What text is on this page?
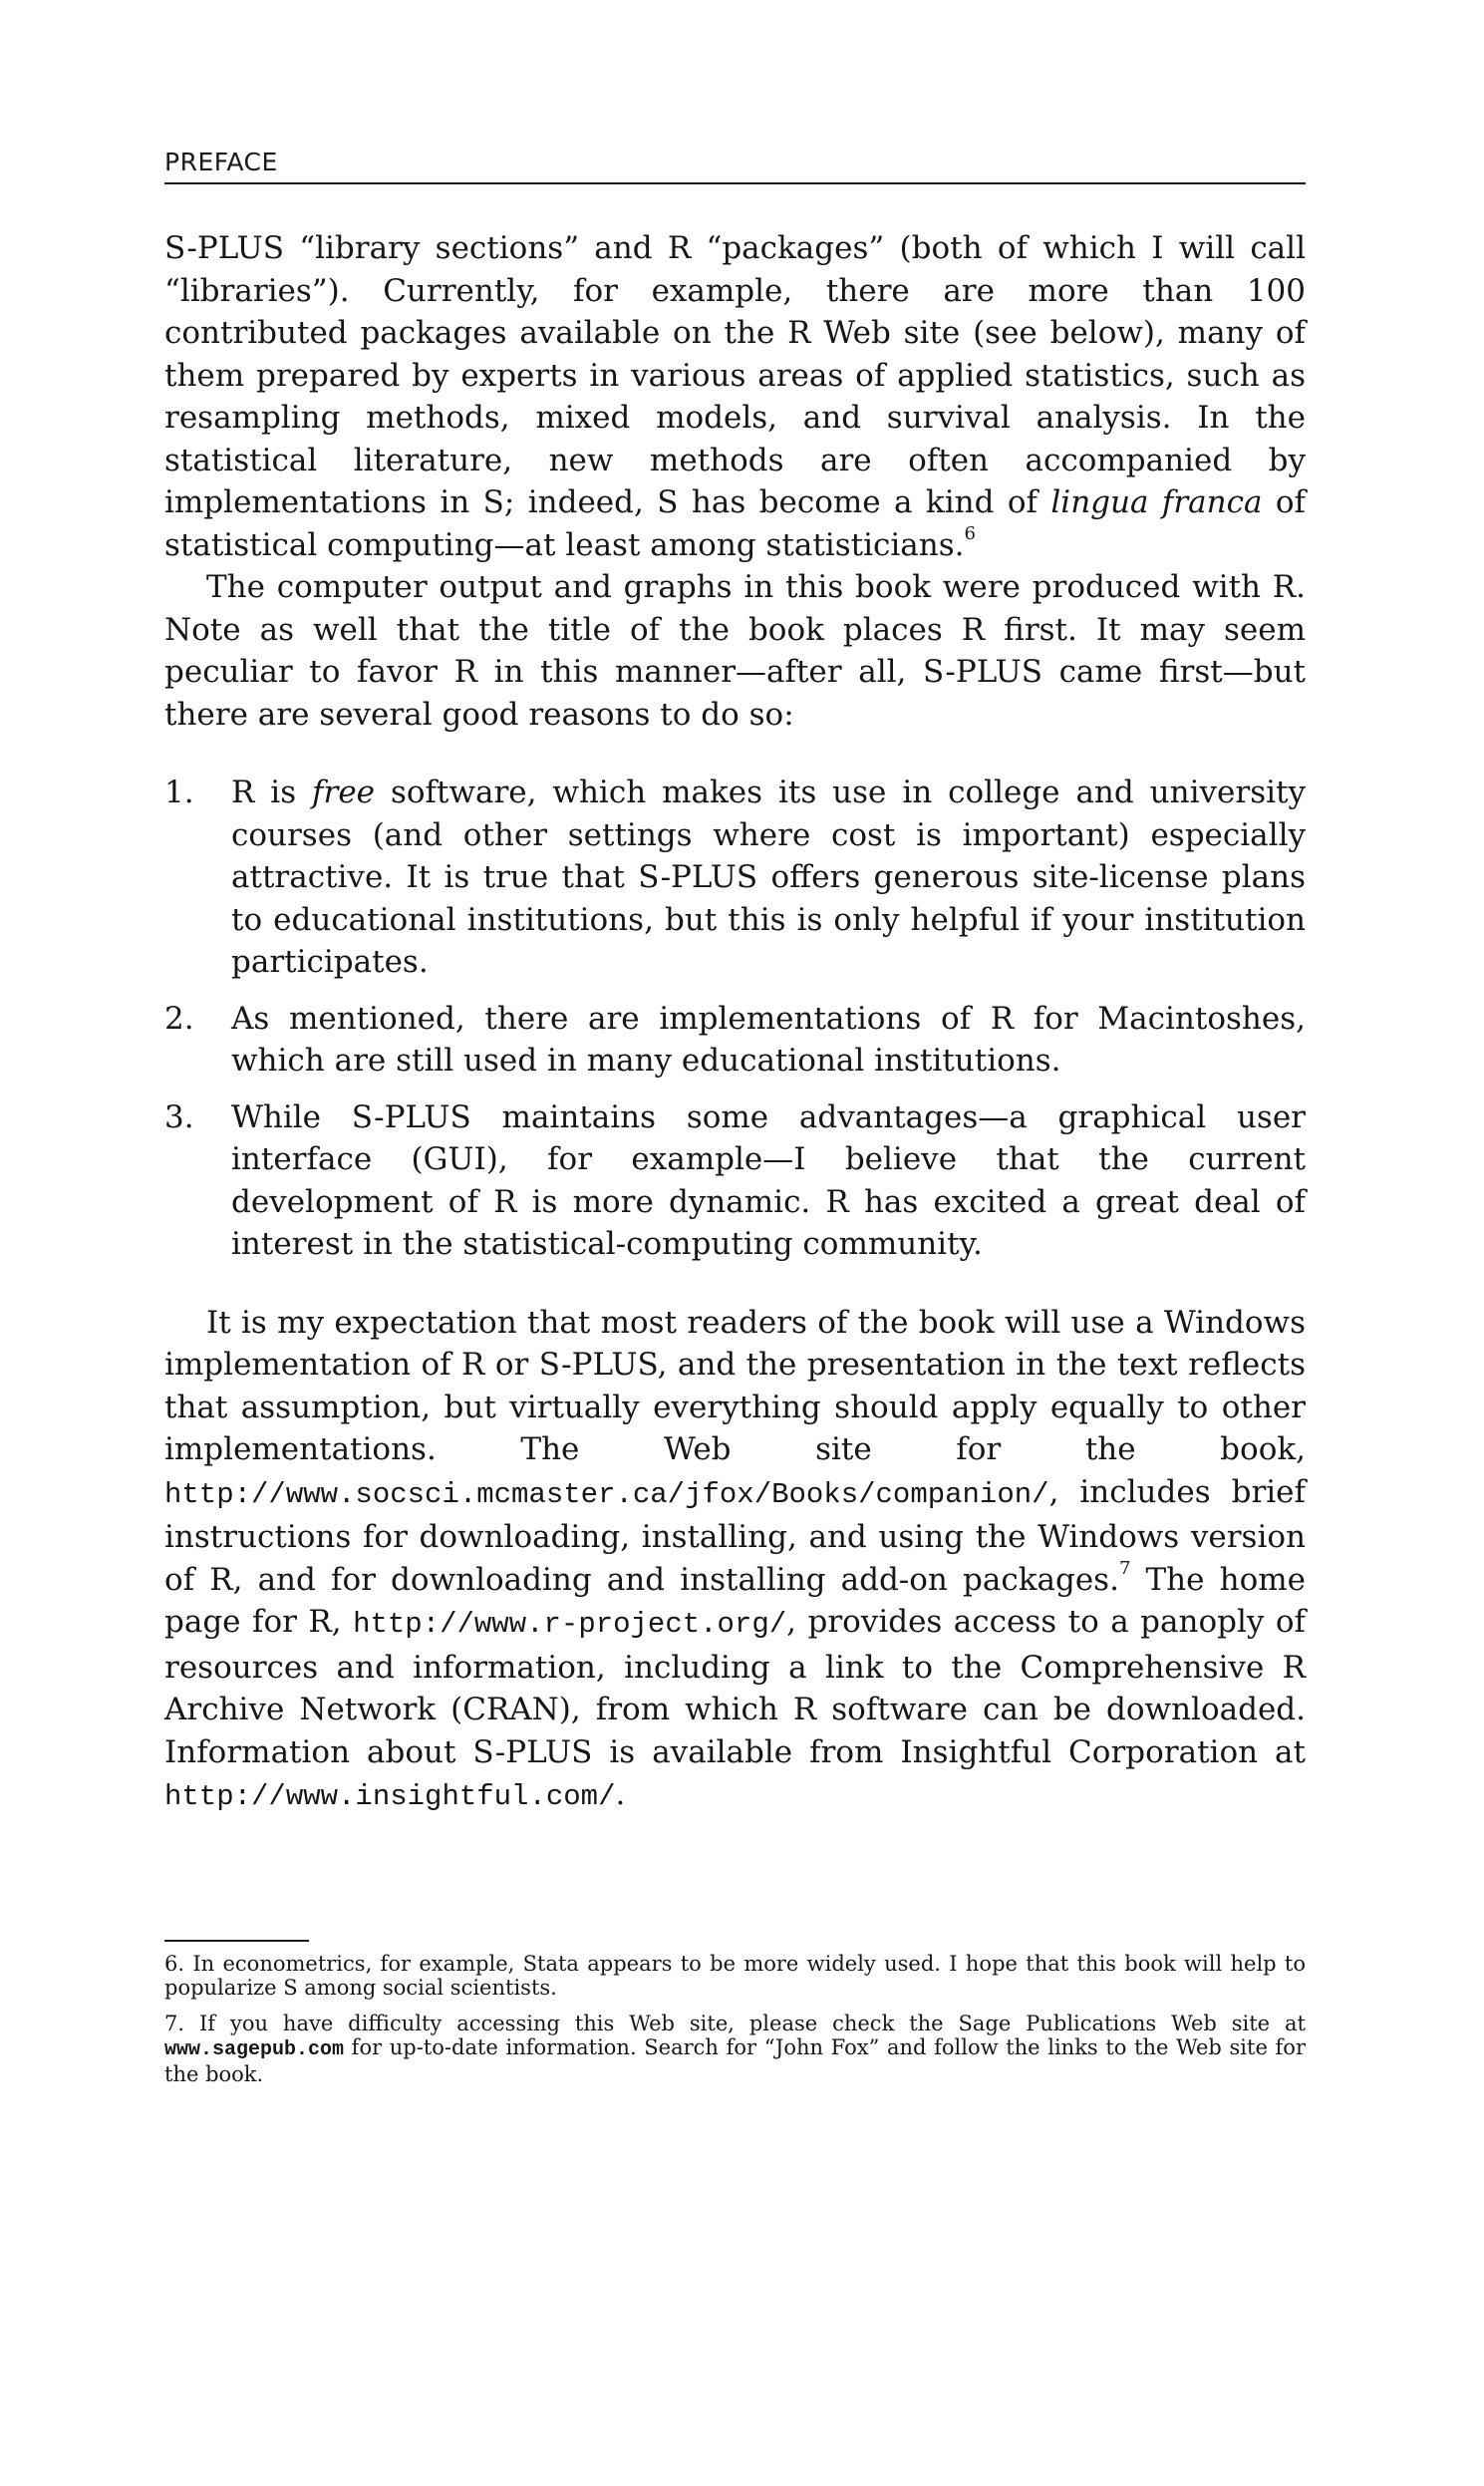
PREFACE

S-PLUS “library sections” and R “packages” (both of which I will call “libraries”). Currently, for example, there are more than 100 contributed packages available on the R Web site (see below), many of them prepared by experts in various areas of applied statistics, such as resampling methods, mixed models, and survival analysis. In the statistical literature, new methods are often accompanied by implementations in S; indeed, S has become a kind of lingua franca of statistical computing—at least among statisticians.$^6$

The computer output and graphs in this book were produced with R. Note as well that the title of the book places R first. It may seem peculiar to favor R in this manner—after all, S-PLUS came first—but there are several good reasons to do so:

1. R is free software, which makes its use in college and university courses (and other settings where cost is important) especially attractive. It is true that S-PLUS offers generous site-license plans to educational institutions, but this is only helpful if your institution participates.
2. As mentioned, there are implementations of R for Macintoshes, which are still used in many educational institutions.
3. While S-PLUS maintains some advantages—a graphical user interface (GUI), for example—I believe that the current development of R is more dynamic. R has excited a great deal of interest in the statistical-computing community.

It is my expectation that most readers of the book will use a Windows implementation of R or S-PLUS, and the presentation in the text reflects that assumption, but virtually everything should apply equally to other implementations. The Web site for the book, http://www.socsci.mcmaster.ca/jfox/Books/companion/, includes brief instructions for downloading, installing, and using the Windows version of R, and for downloading and installing add-on packages.$^7$ The home page for R, http://www.r-project.org/, provides access to a panoply of resources and information, including a link to the Comprehensive R Archive Network (CRAN), from which R software can be downloaded. Information about S-PLUS is available from Insightful Corporation at http://www.insightful.com/.

6. In econometrics, for example, Stata appears to be more widely used. I hope that this book will help to popularize S among social scientists.

7. If you have difficulty accessing this Web site, please check the Sage Publications Web site at www.sagepub.com for up-to-date information. Search for “John Fox” and follow the links to the Web site for the book.
